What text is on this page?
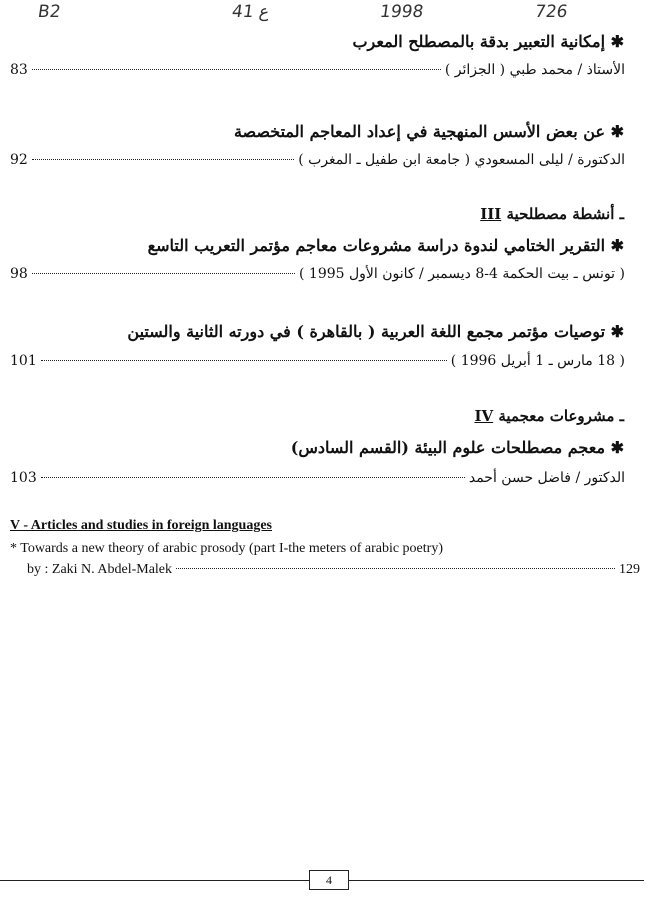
B2	41 ع	1998	726
✱ إمكانية التعبير بدقة بالمصطلح المعرب
83	الأستاذ / محمد طبي ( الجزائر )
✱ عن بعض الأسس المنهجية في إعداد المعاجم المتخصصة
92	الدكتورة / ليلى المسعودي ( جامعة ابن طفيل ـ المغرب )
III ـ أنشطة مصطلحية
✱ التقرير الختامي لندوة دراسة مشروعات معاجم مؤتمر التعريب التاسع
98	( تونس ـ بيت الحكمة 4-8 ديسمبر / كانون الأول 1995 )
✱ توصيات مؤتمر مجمع اللغة العربية ( بالقاهرة ) في دورته الثانية والستين
101	( 18 مارس ـ 1 أبريل 1996 )
IV ـ مشروعات معجمية
✱ معجم مصطلحات علوم البيئة (القسم السادس)
103	الدكتور / فاضل حسن أحمد
V - Articles and studies in foreign languages
* Towards a new theory of arabic prosody (part I-the meters of arabic poetry)
by : Zaki N. Abdel-Malek	129
4
